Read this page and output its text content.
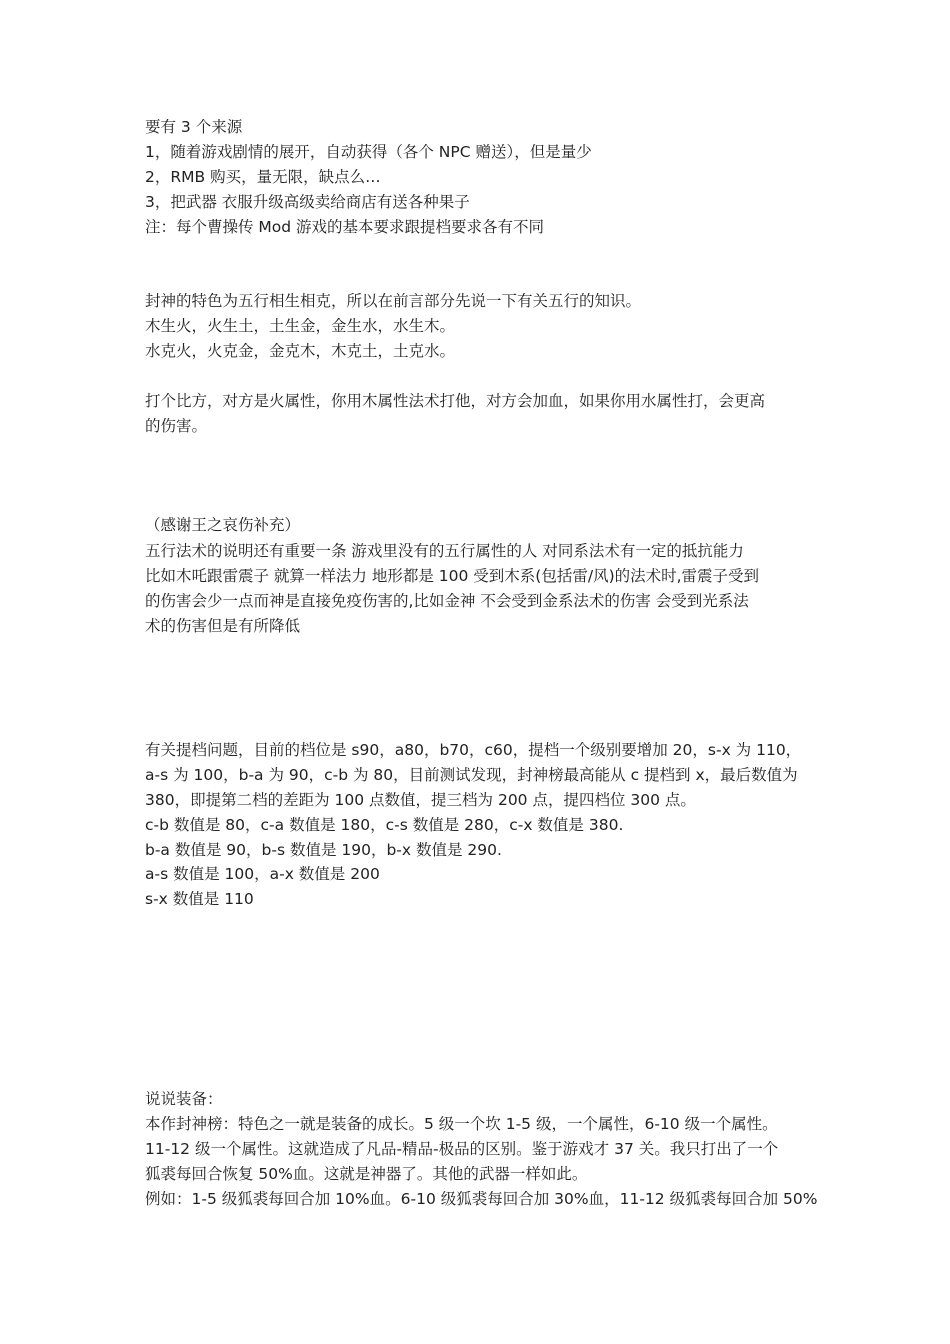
要有 3 个来源
1，随着游戏剧情的展开，自动获得（各个 NPC 赠送），但是量少
2，RMB 购买，量无限，缺点么…
3，把武器 衣服升级高级卖给商店有送各种果子
注：每个曹操传 Mod 游戏的基本要求跟提档要求各有不同
封神的特色为五行相生相克，所以在前言部分先说一下有关五行的知识。
木生火，火生土，土生金，金生水，水生木。
水克火，火克金，金克木，木克土，土克水。
打个比方，对方是火属性，你用木属性法术打他，对方会加血，如果你用水属性打，会更高
的伤害。
（感谢王之哀伤补充）
五行法术的说明还有重要一条 游戏里没有的五行属性的人 对同系法术有一定的抵抗能力
比如木吒跟雷震子 就算一样法力 地形都是 100 受到木系(包括雷/风)的法术时,雷震子受到
的伤害会少一点而神是直接免疫伤害的,比如金神 不会受到金系法术的伤害 会受到光系法
术的伤害但是有所降低
有关提档问题，目前的档位是 s90，a80，b70，c60，提档一个级别要增加 20，s-x 为 110，
a-s 为 100，b-a 为 90，c-b 为 80，目前测试发现，封神榜最高能从 c 提档到 x，最后数值为
380，即提第二档的差距为 100 点数值，提三档为 200 点，提四档位 300 点。
c-b 数值是 80，c-a 数值是 180，c-s 数值是 280，c-x 数值是 380.
b-a 数值是 90，b-s 数值是 190，b-x 数值是 290.
a-s 数值是 100，a-x 数值是 200
s-x 数值是 110
说说装备：
本作封神榜：特色之一就是装备的成长。5 级一个坎 1-5 级，一个属性，6-10 级一个属性。
11-12 级一个属性。这就造成了凡品-精品-极品的区别。鉴于游戏才 37 关。我只打出了一个
狐裘每回合恢复 50%血。这就是神器了。其他的武器一样如此。
例如：1-5 级狐裘每回合加 10%血。6-10 级狐裘每回合加 30%血，11-12 级狐裘每回合加 50%
